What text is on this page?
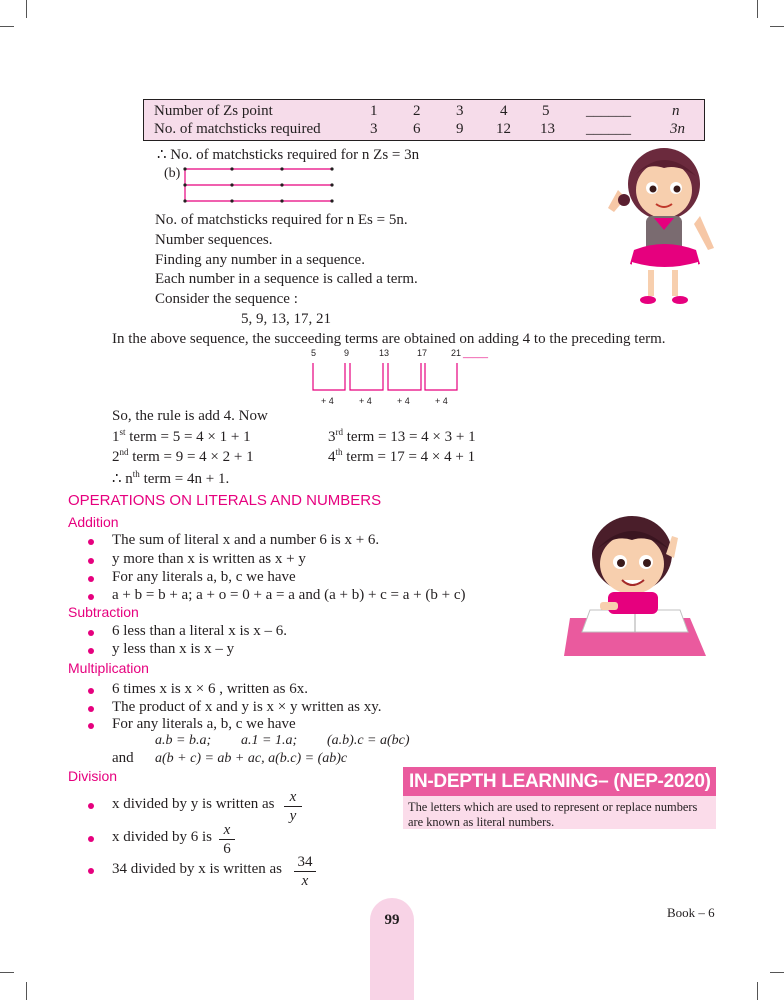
Number of Zs point	1 2 3 4 5 ______	n
No. of matchsticks required	3 6 9 12 13 ______	3n
∴ No. of matchsticks required for n Zs = 3n
(b)
No. of matchsticks required for n Es = 5n.
Number sequences.
Finding any number in a sequence.
Each number in a sequence is called a term.
Consider the sequence :
5, 9, 13, 17, 21
In the above sequence, the succeeding terms are obtained on adding 4 to the preceding term.
5	9	13	17	21 _____
+ 4	+ 4	+ 4	+ 4
So, the rule is add 4. Now
1st term = 5 = 4 × 1 + 1	3rd term = 13 = 4 × 3 + 1
2nd term = 9 = 4 × 2 + 1	4th term = 17 = 4 × 4 + 1
∴ $n^{th}$ term = 4n + 1.
OPERATIONS ON LITERALS AND NUMBERS
Addition
The sum of literal x and a number 6 is x + 6.
y more than x is written as x + y
For any literals a, b, c we have
a + b = b + a; a + o = 0 + a = a and (a + b) + c = a + (b + c)
Subtraction
6 less than a literal x is x – 6.
y less than x is x – y
Multiplication
6 times x is x × 6 , written as 6x.
The product of x and y is x × y written as xy.
For any literals a, b, c we have
a.b = b.a; a.1 = 1.a; (a.b).c = a(bc)
and a(b + c) = ab + ac, a(b.c) = (ab)c
Division
x divided by y is written as $\frac{x}{y}$
x divided by 6 is $\frac{x}{6}$
34 divided by x is written as $\frac{34}{x}$
IN-DEPTH LEARNING– (NEP-2020)
The letters which are used to represent or replace numbers are known as literal numbers.
99	Book – 6
